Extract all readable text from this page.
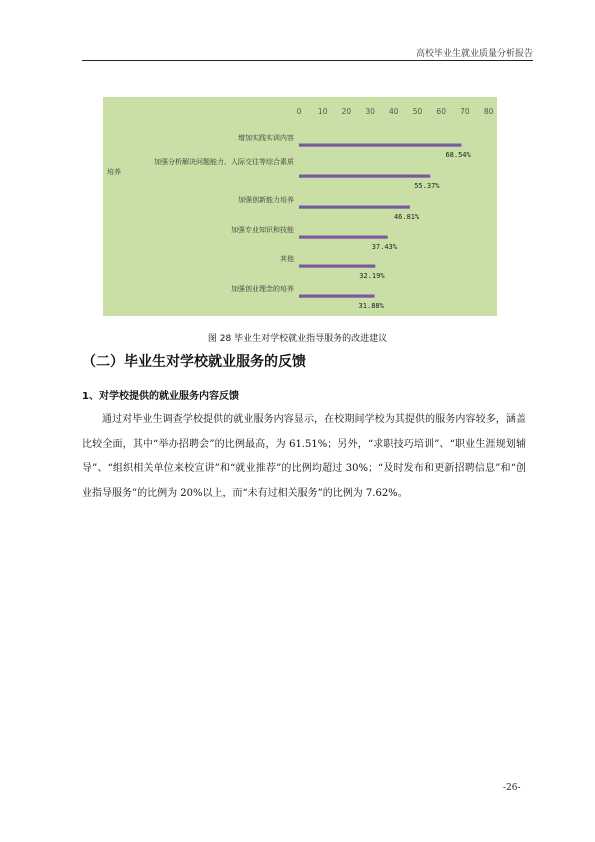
高校毕业生就业质量分析报告
0 10 20 30 40 50 60 70 80
增加实践实训内容
68.54%
加强分析解决问题能力、人际交往等综合素质
培养
55.37%
加强创新能力培养
46.81%
加强专业知识和技能
37.43%
其他
32.19%
加强创业理念的培养
31.88%
图 28 毕业生对学校就业指导服务的改进建议
（二）毕业生对学校就业服务的反馈
1、对学校提供的就业服务内容反馈

通过对毕业生调查学校提供的就业服务内容显示，在校期间学校为其提供的服务内容较多，涵盖比较全面，其中“举办招聘会”的比例最高，为 61.51%；另外，“求职技巧培训”、“职业生涯规划辅导”、“组织相关单位来校宣讲”和“就业推荐”的比例均超过 30%；“及时发布和更新招聘信息”和“创业指导服务”的比例为 20%以上，而“未有过相关服务”的比例为 7.62%。

-26-
